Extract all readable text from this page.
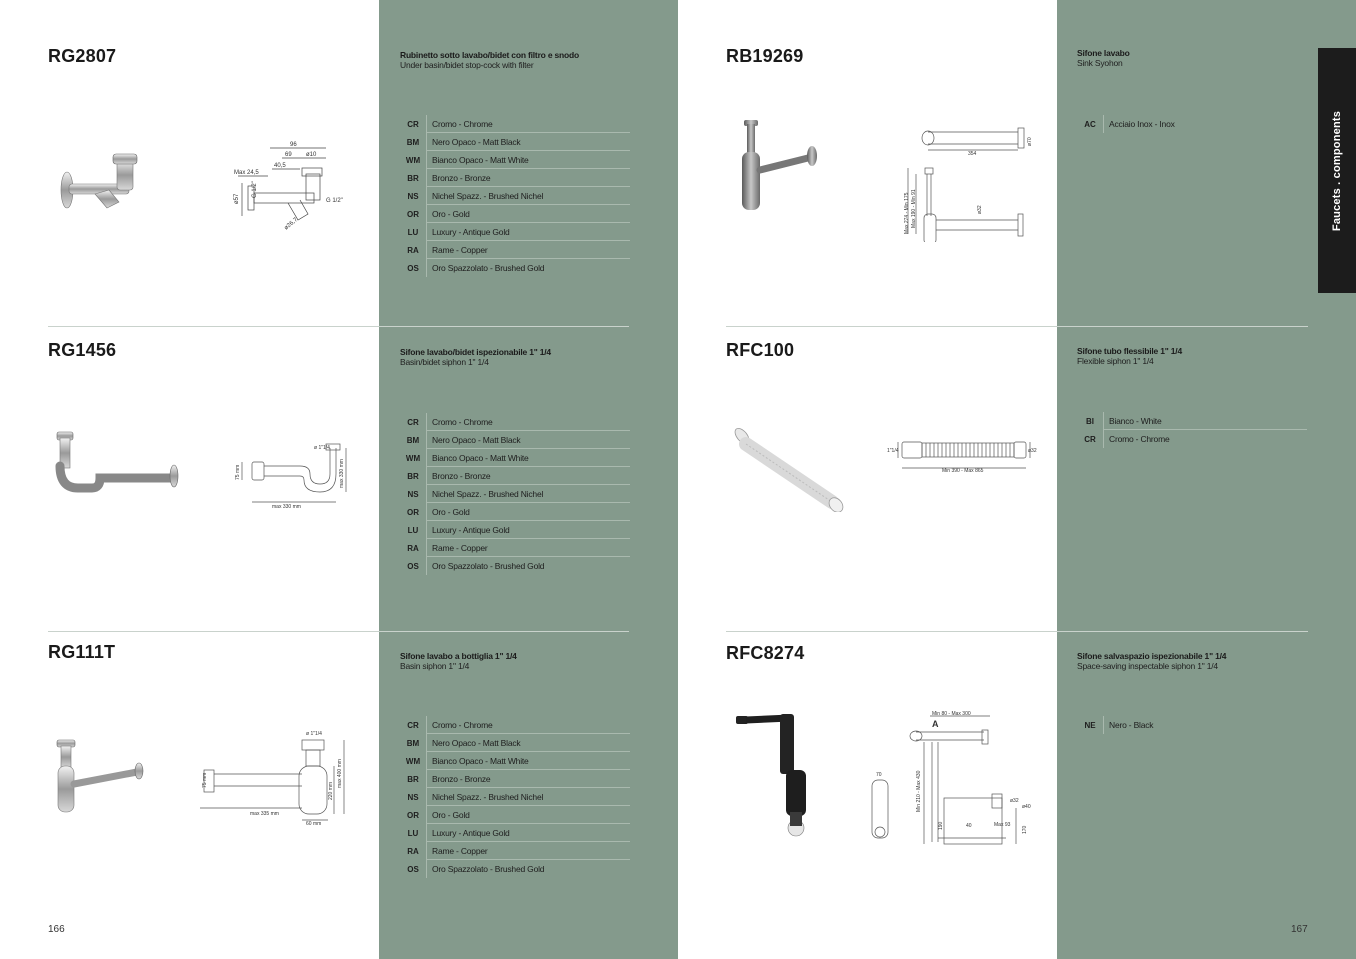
Faucets . components
RG2807	Rubinetto sotto lavabo/bidet con filtro e snodo
Under basin/bidet stop-cock with filter
CR	Cromo - Chrome
BM	Nero Opaco - Matt Black
WM	Bianco Opaco - Matt White
BR	Bronzo - Bronze
NS	Nichel Spazz. - Brushed Nichel
OR	Oro - Gold
LU	Luxury - Antique Gold
RA	Rame - Copper
OS	Oro Spazzolato - Brushed Gold
96
69 ø10
40,5
Max 24,5
ø57
G 1/2"
G 1/2"
ø26,7
RG1456	Sifone lavabo/bidet ispezionabile 1" 1/4
Basin/bidet siphon 1" 1/4
CR	Cromo - Chrome
BM	Nero Opaco - Matt Black
WM	Bianco Opaco - Matt White
BR	Bronzo - Bronze
NS	Nichel Spazz. - Brushed Nichel
OR	Oro - Gold
LU	Luxury - Antique Gold
RA	Rame - Copper
OS	Oro Spazzolato - Brushed Gold
ø 1"1/4
max 330 mm
max 330 mm
75 mm
RG111T	Sifone lavabo a bottiglia 1" 1/4
Basin siphon 1" 1/4
CR	Cromo - Chrome
BM	Nero Opaco - Matt Black
WM	Bianco Opaco - Matt White
BR	Bronzo - Bronze
NS	Nichel Spazz. - Brushed Nichel
OR	Oro - Gold
LU	Luxury - Antique Gold
RA	Rame - Copper
OS	Oro Spazzolato - Brushed Gold
ø 1"1/4
75 mm
max 335 mm
60 mm
max 400 mm
220 mm
166
RB19269	Sifone lavabo
Sink Syohon
AC	Acciaio Inox - Inox
354
ø70
ø32
Max 274 - Min 175 Max 190 - Min 91
RFC100	Sifone tubo flessibile 1" 1/4
Flexible siphon 1" 1/4
BI	Bianco - White
CR	Cromo - Chrome
1"1/4
Min 390 - Max 865
ø32
RFC8274	Sifone salvaspazio ispezionabile 1" 1/4
Space-saving inspectable siphon 1" 1/4
NE	Nero - Black
Min 80 - Max 300
A
70	Min 210 - Max 430	ø32
ø40
Max 93
190	40	170
167
